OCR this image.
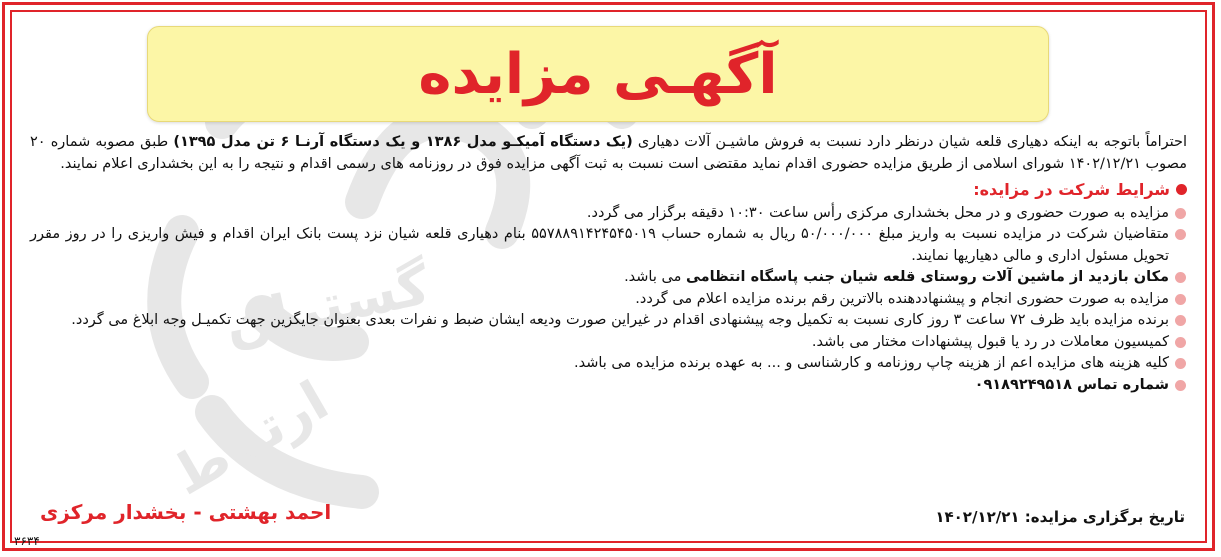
گستران
ارتباط
آگهـی مزایده

احتراماً باتوجه به اینکه دهیاری قلعه شیان درنظر دارد نسبت به فروش ماشیـن آلات دهیاری (یک دستگاه آمیکـو مدل ۱۳۸۶ و یک دستگاه آرنـا ۶ تن مدل ۱۳۹۵) طبق مصوبه شماره ۲۰ مصوب ۱۴۰۲/۱۲/۲۱ شورای اسلامی از طریق مزایده حضوری اقدام نماید مقتضی است نسبت به ثبت آگهی مزایده فوق در روزنامه های رسمی اقدام و نتیجه را به این بخشداری اعلام نمایند.

شرایط شرکت در مزایده:
مزایده به صورت حضوری و در محل بخشداری مرکزی رأس ساعت ۱۰:۳۰ دقیقه برگزار می گردد.
متقاضیان شرکت در مزایده نسبت به واریز مبلغ ۵۰/۰۰۰/۰۰۰ ریال به شماره حساب ۵۵۷۸۸۹۱۴۲۴۵۴۵۰۱۹ بنام دهیاری قلعه شیان نزد پست بانک ایران اقدام و فیش واریزی را در روز مقرر تحویل مسئول اداری و مالی دهیاریها نمایند.
مکان بازدید از ماشین آلات روستای قلعه شیان جنب پاسگاه انتظامی می باشد.
مزایده به صورت حضوری انجام و پیشنهاددهنده بالاترین رقم برنده مزایده اعلام می گردد.
برنده مزایده باید ظرف ۷۲ ساعت ۳ روز کاری نسبت به تکمیل وجه پیشنهادی اقدام در غیراین صورت ودیعه ایشان ضبط و نفرات بعدی بعنوان جایگزین جهت تکمیـل وجه ابلاغ می گردد.
کمیسیون معاملات در رد یا قبول پیشنهادات مختار می باشد.
کلیه هزینه های مزایده اعم از هزینه چاپ روزنامه و کارشناسی و ... به عهده برنده مزایده می باشد.
شماره تماس ۰۹۱۸۹۲۴۹۵۱۸
تاریخ برگزاری مزایده: ۱۴۰۲/۱۲/۲۱
احمد بهشتی - بخشدار مرکزی
۳۶۳۴
